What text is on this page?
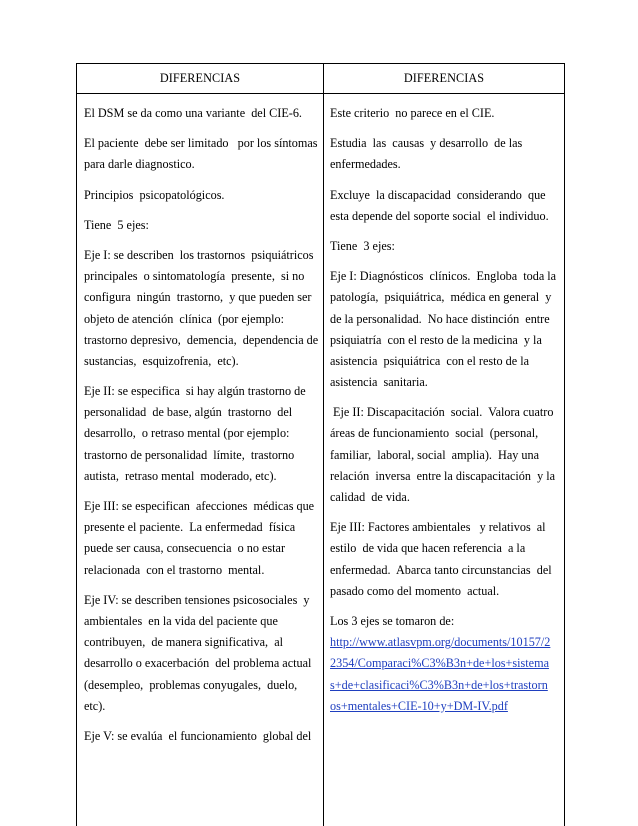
DIFERENCIAS	DIFERENCIAS
El DSM se da como una variante  del CIE-6.
El paciente  debe ser limitado   por los síntomas
para darle diagnostico.
Principios  psicopatológicos.
Tiene  5 ejes:
Eje I: se describen  los trastornos  psiquiátricos
principales  o sintomatología  presente,  si no
configura  ningún  trastorno,  y que pueden ser
objeto de atención  clínica  (por ejemplo:
trastorno depresivo,  demencia,  dependencia de
sustancias,  esquizofrenia,  etc).
Eje II: se especifica  si hay algún trastorno de
personalidad  de base, algún  trastorno  del
desarrollo,  o retraso mental (por ejemplo:
trastorno de personalidad  límite,  trastorno
autista,  retraso mental  moderado, etc).
Eje III: se especifican  afecciones  médicas que
presente el paciente.  La enfermedad  física
puede ser causa, consecuencia  o no estar
relacionada  con el trastorno  mental.
Eje IV: se describen tensiones psicosociales  y
ambientales  en la vida del paciente que
contribuyen,  de manera significativa,  al
desarrollo o exacerbación  del problema actual
(desempleo,  problemas conyugales,  duelo,
etc).
Eje V: se evalúa  el funcionamiento  global del
Este criterio  no parece en el CIE.
Estudia  las  causas  y desarrollo  de las
enfermedades.
Excluye  la discapacidad  considerando  que
esta depende del soporte social  el individuo.
Tiene  3 ejes:
Eje I: Diagnósticos  clínicos.  Engloba  toda la
patología,  psiquiátrica,  médica en general  y
de la personalidad.  No hace distinción  entre
psiquiatría  con el resto de la medicina  y la
asistencia  psiquiátrica  con el resto de la
asistencia  sanitaria.
Eje II: Discapacitación  social.  Valora cuatro
áreas de funcionamiento  social  (personal,
familiar,  laboral, social  amplia).  Hay una
relación  inversa  entre la discapacitación  y la
calidad  de vida.
Eje III: Factores ambientales   y relativos  al
estilo  de vida que hacen referencia  a la
enfermedad.  Abarca tanto circunstancias  del
pasado como del momento  actual.
Los 3 ejes se tomaron de:
http://www.atlasvpm.org/documents/10157/2
2354/Comparaci%C3%B3n+de+los+sistema
s+de+clasificaci%C3%B3n+de+los+trastorn
os+mentales+CIE-10+y+DM-IV.pdf
